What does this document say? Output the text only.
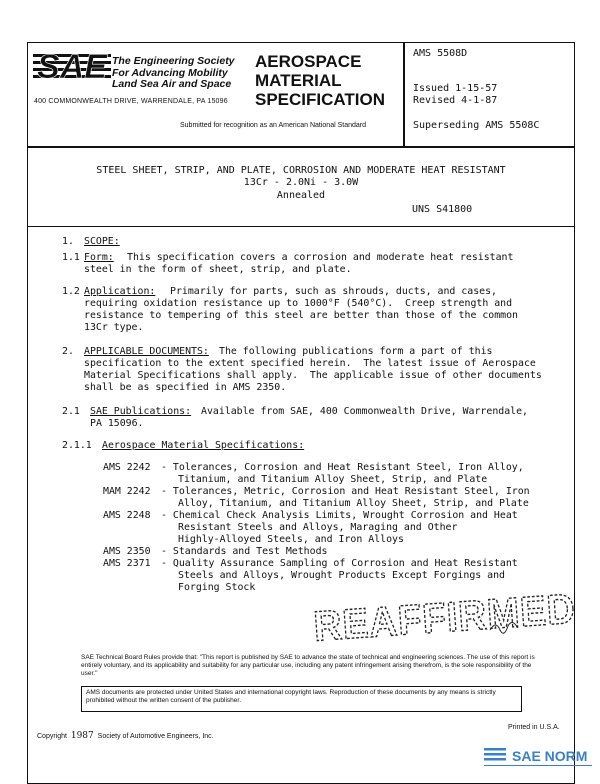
SAE The Engineering Society
For Advancing Mobility
Land Sea Air and Space
400 COMMONWEALTH DRIVE, WARRENDALE, PA 15096
AEROSPACE
MATERIAL
SPECIFICATION
Submitted for recognition as an American National Standard
AMS 5508D
Issued 1-15-57
Revised 4-1-87
Superseding AMS 5508C
STEEL SHEET, STRIP, AND PLATE, CORROSION AND MODERATE HEAT RESISTANT
13Cr - 2.0Ni - 3.0W
Annealed
UNS S41800
1. SCOPE:
1.1 Form: This specification covers a corrosion and moderate heat resistant
steel in the form of sheet, strip, and plate.
1.2 Application: Primarily for parts, such as shrouds, ducts, and cases,
requiring oxidation resistance up to 1000°F (540°C).  Creep strength and
resistance to tempering of this steel are better than those of the common
13Cr type.
2. APPLICABLE DOCUMENTS: The following publications form a part of this
specification to the extent specified herein.  The latest issue of Aerospace
Material Specifications shall apply.  The applicable issue of other documents
shall be as specified in AMS 2350.
2.1 SAE Publications: Available from SAE, 400 Commonwealth Drive, Warrendale,
PA 15096.
2.1.1 Aerospace Material Specifications:
AMS 2242 - Tolerances, Corrosion and Heat Resistant Steel, Iron Alloy,
Titanium, and Titanium Alloy Sheet, Strip, and Plate
MAM 2242 - Tolerances, Metric, Corrosion and Heat Resistant Steel, Iron
Alloy, Titanium, and Titanium Alloy Sheet, Strip, and Plate
AMS 2248 - Chemical Check Analysis Limits, Wrought Corrosion and Heat
Resistant Steels and Alloys, Maraging and Other
Highly-Alloyed Steels, and Iron Alloys
AMS 2350 - Standards and Test Methods
AMS 2371 - Quality Assurance Sampling of Corrosion and Heat Resistant
Steels and Alloys, Wrought Products Except Forgings and
Forging Stock REAFFIRMED
SAE Technical Board Rules provide that: "This report is published by SAE to advance the state of technical and engineering sciences. The use of this report is entirely voluntary, and its applicability and suitability for any particular use, including any patent infringement arising therefrom, is the sole responsibility of the user."
AMS documents are protected under United States and international copyright laws. Reproduction of these documents by any means is strictly prohibited without the written consent of the publisher.
Printed in U.S.A.
Copyright 1987 Society of Automotive Engineers, Inc.
SAE NORM
